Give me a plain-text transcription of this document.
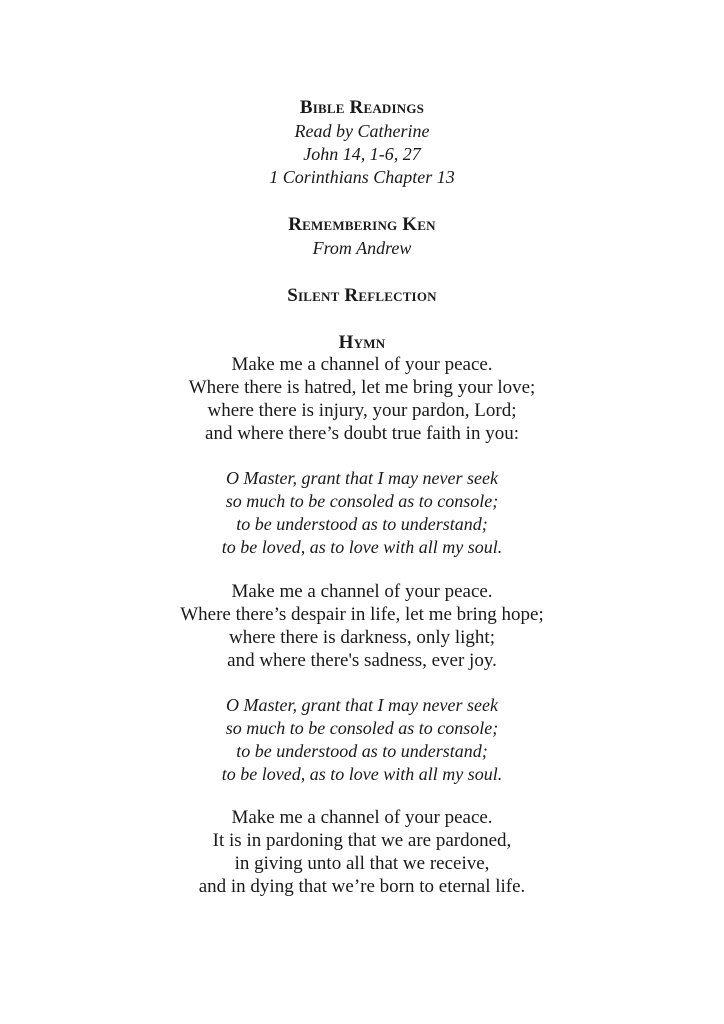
Bible Readings
Read by Catherine
John 14, 1-6, 27
1 Corinthians Chapter 13
Remembering Ken
From Andrew
Silent Reflection
Hymn
Make me a channel of your peace.
Where there is hatred, let me bring your love;
where there is injury, your pardon, Lord;
and where there’s doubt true faith in you:
O Master, grant that I may never seek
so much to be consoled as to console;
to be understood as to understand;
to be loved, as to love with all my soul.
Make me a channel of your peace.
Where there’s despair in life, let me bring hope;
where there is darkness, only light;
and where there's sadness, ever joy.
O Master, grant that I may never seek
so much to be consoled as to console;
to be understood as to understand;
to be loved, as to love with all my soul.
Make me a channel of your peace.
It is in pardoning that we are pardoned,
in giving unto all that we receive,
and in dying that we’re born to eternal life.
